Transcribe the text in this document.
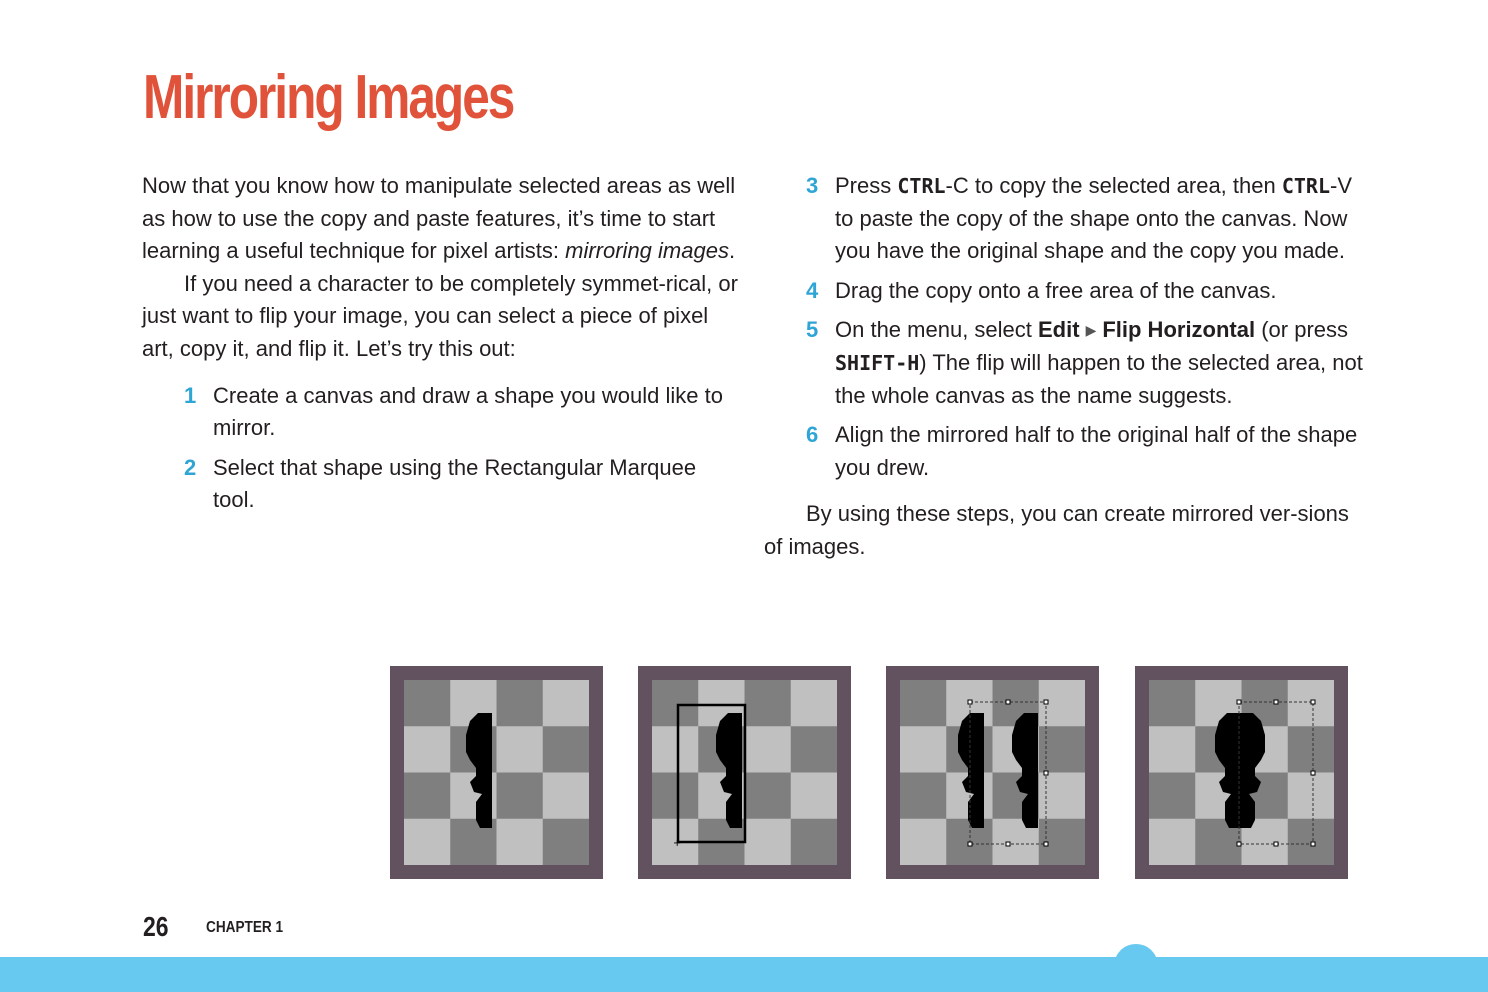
Mirroring Images

Now that you know how to manipulate selected areas as well as how to use the copy and paste features, it’s time to start learning a useful technique for pixel artists: mirroring images.

If you need a character to be completely symmet-rical, or just want to flip your image, you can select a piece of pixel art, copy it, and flip it. Let’s try this out:

1 Create a canvas and draw a shape you would like to mirror.
2 Select that shape using the Rectangular Marquee tool.
3 Press CTRL-C to copy the selected area, then CTRL-V to paste the copy of the shape onto the canvas. Now you have the original shape and the copy you made.
4 Drag the copy onto a free area of the canvas.
5 On the menu, select Edit ▶ Flip Horizontal (or press SHIFT-H) The flip will happen to the selected area, not the whole canvas as the name suggests.
6 Align the mirrored half to the original half of the shape you drew.

By using these steps, you can create mirrored ver-sions of images.

+
26 CHAPTER 1
